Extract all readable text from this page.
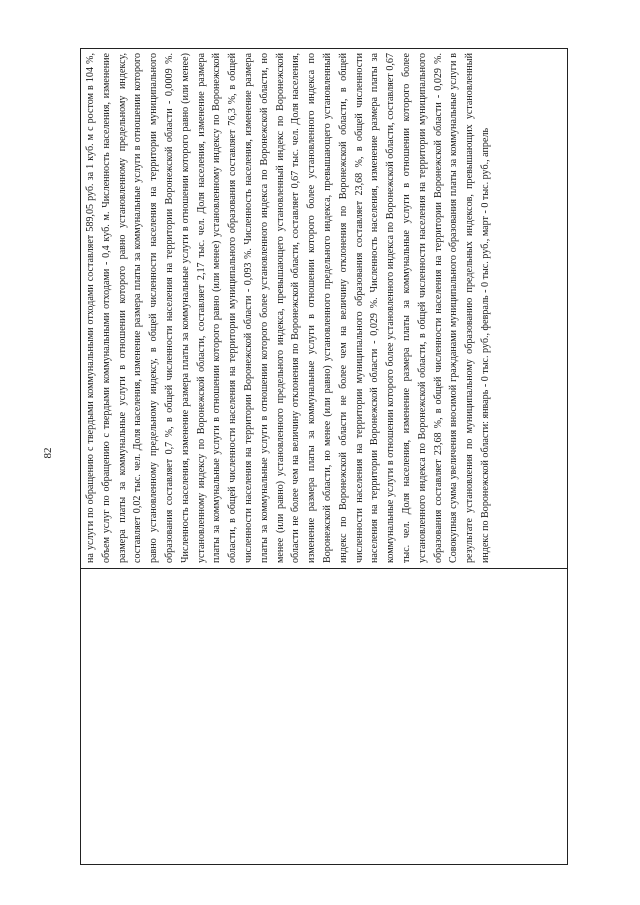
82	на услуги по обращению с твердыми коммунальными отходами составляет 589,05 руб. за 1 куб. м с ростом в 104 %, объем услуг по обращению с твердыми коммунальными отходами - 0,4 куб. м. Численность населения, изменение размера платы за коммунальные услуги в отношении которого равно установленному предельному индексу, составляет 0,02 тыс. чел. Доля населения, изменение размера платы за коммунальные услуги в отношении которого равно установленному предельному индексу, в общей численности населения на территории муниципального образования составляет 0,7 %, в общей численности населения на территории Воронежской области - 0,0009 %. Численность населения, изменение размера платы за коммунальные услуги в отношении которого равно (или менее) установленному индексу по Воронежской области, составляет 2,17 тыс. чел. Доля населения, изменение размера платы за коммунальные услуги в отношении которого равно (или менее) установленному индексу по Воронежской области, в общей численности населения на территории муниципального образования составляет 76,3 %, в общей численности населения на территории Воронежской области - 0,093 %. Численность населения, изменение размера платы за коммунальные услуги в отношении которого более установленного индекса по Воронежской области, но менее (или равно) установленного предельного индекса, превышающего установленный индекс по Воронежской области не более чем на величину отклонения по Воронежской области, составляет 0,67 тыс. чел. Доля населения, изменение размера платы за коммунальные услуги в отношении которого более установленного индекса по Воронежской области, но менее (или равно) установленного предельного индекса, превышающего установленный индекс по Воронежской области не более чем на величину отклонения по Воронежской области, в общей численности населения на территории муниципального образования составляет 23,68 %, в общей численности населения на территории Воронежской области - 0,029 %. Численность населения, изменение размера платы за коммунальные услуги в отношении которого более установленного индекса по Воронежской области, составляет 0,67 тыс. чел. Доля населения, изменение размера платы за коммунальные услуги в отношении которого более установленного индекса по Воронежской области, в общей численности населения на территории муниципального образования составляет 23,68 %, в общей численности населения на территории Воронежской области - 0,029 %. Совокупная сумма увеличения вносимой гражданами муниципального образования платы за коммунальные услуги в результате установления по муниципальному образованию предельных индексов, превышающих установленный индекс по Воронежской области: январь - 0 тыс. руб., февраль - 0 тыс. руб., март - 0 тыс. руб., апрель
